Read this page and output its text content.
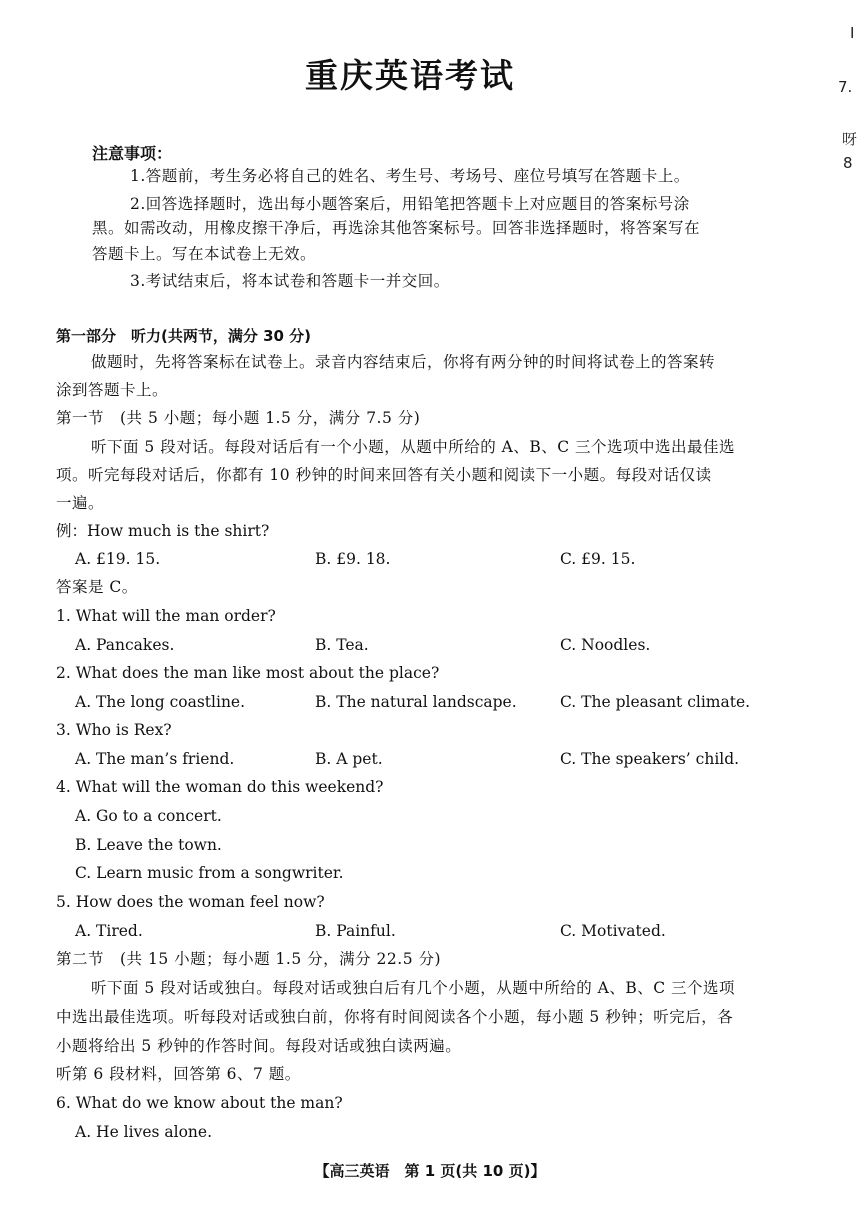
I
7.
呀
8
重庆英语考试
注意事项：
1.答题前，考生务必将自己的姓名、考生号、考场号、座位号填写在答题卡上。
2.回答选择题时，选出每小题答案后，用铅笔把答题卡上对应题目的答案标号涂
黑。如需改动，用橡皮擦干净后，再选涂其他答案标号。回答非选择题时，将答案写在
答题卡上。写在本试卷上无效。
3.考试结束后，将本试卷和答题卡一并交回。
第一部分　听力(共两节，满分 30 分)
做题时，先将答案标在试卷上。录音内容结束后，你将有两分钟的时间将试卷上的答案转
涂到答题卡上。
第一节　(共 5 小题；每小题 1.5 分，满分 7.5 分)
听下面 5 段对话。每段对话后有一个小题，从题中所给的 A、B、C 三个选项中选出最佳选
项。听完每段对话后，你都有 10 秒钟的时间来回答有关小题和阅读下一小题。每段对话仅读
一遍。
例：How much is the shirt?
A. £19. 15.	B. £9. 18.	C. £9. 15.
答案是 C。
1. What will the man order?
A. Pancakes.	B. Tea.	C. Noodles.
2. What does the man like most about the place?
A. The long coastline.	B. The natural landscape.	C. The pleasant climate.
3. Who is Rex?
A. The man’s friend.	B. A pet.	C. The speakers’ child.
4. What will the woman do this weekend?
A. Go to a concert.
B. Leave the town.
C. Learn music from a songwriter.
5. How does the woman feel now?
A. Tired.	B. Painful.	C. Motivated.
第二节　(共 15 小题；每小题 1.5 分，满分 22.5 分)
听下面 5 段对话或独白。每段对话或独白后有几个小题，从题中所给的 A、B、C 三个选项
中选出最佳选项。听每段对话或独白前，你将有时间阅读各个小题，每小题 5 秒钟；听完后，各
小题将给出 5 秒钟的作答时间。每段对话或独白读两遍。
听第 6 段材料，回答第 6、7 题。
6. What do we know about the man?
A. He lives alone.
【高三英语　第 1 页(共 10 页)】
